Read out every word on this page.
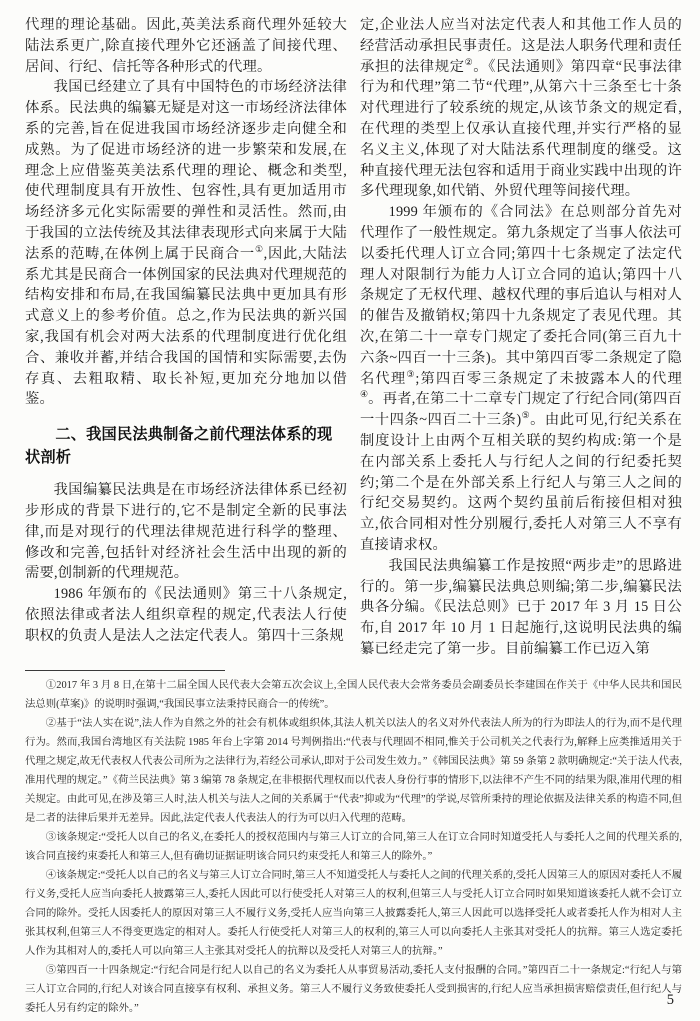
代理的理论基础。因此,英美法系商代理外延较大陆法系更广,除直接代理外它还涵盖了间接代理、居间、行纪、信托等各种形式的代理。

我国已经建立了具有中国特色的市场经济法律体系。民法典的编纂无疑是对这一市场经济法律体系的完善,旨在促进我国市场经济逐步走向健全和成熟。为了促进市场经济的进一步繁荣和发展,在理念上应借鉴英美法系代理的理论、概念和类型,使代理制度具有开放性、包容性,具有更加适用市场经济多元化实际需要的弹性和灵活性。然而,由于我国的立法传统及其法律表现形式向来属于大陆法系的范畴,在体例上属于民商合一①,因此,大陆法系尤其是民商合一体例国家的民法典对代理规范的结构安排和布局,在我国编纂民法典中更加具有形式意义上的参考价值。总之,作为民法典的新兴国家,我国有机会对两大法系的代理制度进行优化组合、兼收并蓄,并结合我国的国情和实际需要,去伪存真、去粗取精、取长补短,更加充分地加以借鉴。

二、我国民法典制备之前代理法体系的现状剖析

我国编纂民法典是在市场经济法律体系已经初步形成的背景下进行的,它不是制定全新的民事法律,而是对现行的代理法律规范进行科学的整理、修改和完善,包括针对经济社会生活中出现的新的需要,创制新的代理规范。

1986 年颁布的《民法通则》第三十八条规定,依照法律或者法人组织章程的规定,代表法人行使职权的负责人是法人之法定代表人。第四十三条规

定,企业法人应当对法定代表人和其他工作人员的经营活动承担民事责任。这是法人职务代理和责任承担的法律规定②。《民法通则》第四章“民事法律行为和代理”第二节“代理”,从第六十三条至七十条对代理进行了较系统的规定,从该节条文的规定看,在代理的类型上仅承认直接代理,并实行严格的显名义主义,体现了对大陆法系代理制度的继受。这种直接代理无法包容和适用于商业实践中出现的许多代理现象,如代销、外贸代理等间接代理。

1999 年颁布的《合同法》在总则部分首先对代理作了一般性规定。第九条规定了当事人依法可以委托代理人订立合同;第四十七条规定了法定代理人对限制行为能力人订立合同的追认;第四十八条规定了无权代理、越权代理的事后追认与相对人的催告及撤销权;第四十九条规定了表见代理。其次,在第二十一章专门规定了委托合同(第三百九十六条~四百一十三条)。其中第四百零二条规定了隐名代理③;第四百零三条规定了未披露本人的代理④。再者,在第二十二章专门规定了行纪合同(第四百一十四条~四百二十三条)⑤。由此可见,行纪关系在制度设计上由两个互相关联的契约构成:第一个是在内部关系上委托人与行纪人之间的行纪委托契约;第二个是在外部关系上行纪人与第三人之间的行纪交易契约。这两个契约虽前后衔接但相对独立,依合同相对性分别履行,委托人对第三人不享有直接请求权。

我国民法典编纂工作是按照“两步走”的思路进行的。第一步,编纂民法典总则编;第二步,编纂民法典各分编。《民法总则》已于 2017 年 3 月 15 日公布,自 2017 年 10 月 1 日起施行,这说明民法典的编纂已经走完了第一步。目前编纂工作已迈入第

①2017 年 3 月 8 日,在第十二届全国人民代表大会第五次会议上,全国人民代表大会常务委员会副委员长李建国在作关于《中华人民共和国民法总则(草案)》的说明时强调,“我国民事立法秉持民商合一的传统”。

②基于“法人实在说”,法人作为自然之外的社会有机体或组织体,其法人机关以法人的名义对外代表法人所为的行为即法人的行为,而不是代理行为。然而,我国台湾地区有关法院 1985 年台上字第 2014 号判例指出:“代表与代理固不相同,惟关于公司机关之代表行为,解释上应类推适用关于代理之规定,故无代表权人代表公司所为之法律行为,若经公司承认,即对于公司发生效力。”《韩国民法典》第 59 条第 2 款明确规定:“关于法人代表,准用代理的规定。”《荷兰民法典》第 3 编第 78 条规定,在非根据代理权而以代表人身份行事的情形下,以法律不产生不同的结果为限,准用代理的相关规定。由此可见,在涉及第三人时,法人机关与法人之间的关系属于“代表”抑或为“代理”的学说,尽管所秉持的理论依据及法律关系的构造不同,但是二者的法律后果并无差异。因此,法定代表人代表法人的行为可以归入代理的范畴。

③该条规定:“受托人以自己的名义,在委托人的授权范围内与第三人订立的合同,第三人在订立合同时知道受托人与委托人之间的代理关系的,该合同直接约束委托人和第三人,但有确切证据证明该合同只约束受托人和第三人的除外。”

④该条规定:“受托人以自己的名义与第三人订立合同时,第三人不知道受托人与委托人之间的代理关系的,受托人因第三人的原因对委托人不履行义务,受托人应当向委托人披露第三人,委托人因此可以行使受托人对第三人的权利,但第三人与受托人订立合同时如果知道该委托人就不会订立合同的除外。受托人因委托人的原因对第三人不履行义务,受托人应当向第三人披露委托人,第三人因此可以选择受托人或者委托人作为相对人主张其权利,但第三人不得变更选定的相对人。委托人行使受托人对第三人的权利的,第三人可以向委托人主张其对受托人的抗辩。第三人选定委托人作为其相对人的,委托人可以向第三人主张其对受托人的抗辩以及受托人对第三人的抗辩。”

⑤第四百一十四条规定:“行纪合同是行纪人以自己的名义为委托人从事贸易活动,委托人支付报酬的合同。”第四百二十一条规定:“行纪人与第三人订立合同的,行纪人对该合同直接享有权利、承担义务。第三人不履行义务致使委托人受到损害的,行纪人应当承担损害赔偿责任,但行纪人与委托人另有约定的除外。”

5
